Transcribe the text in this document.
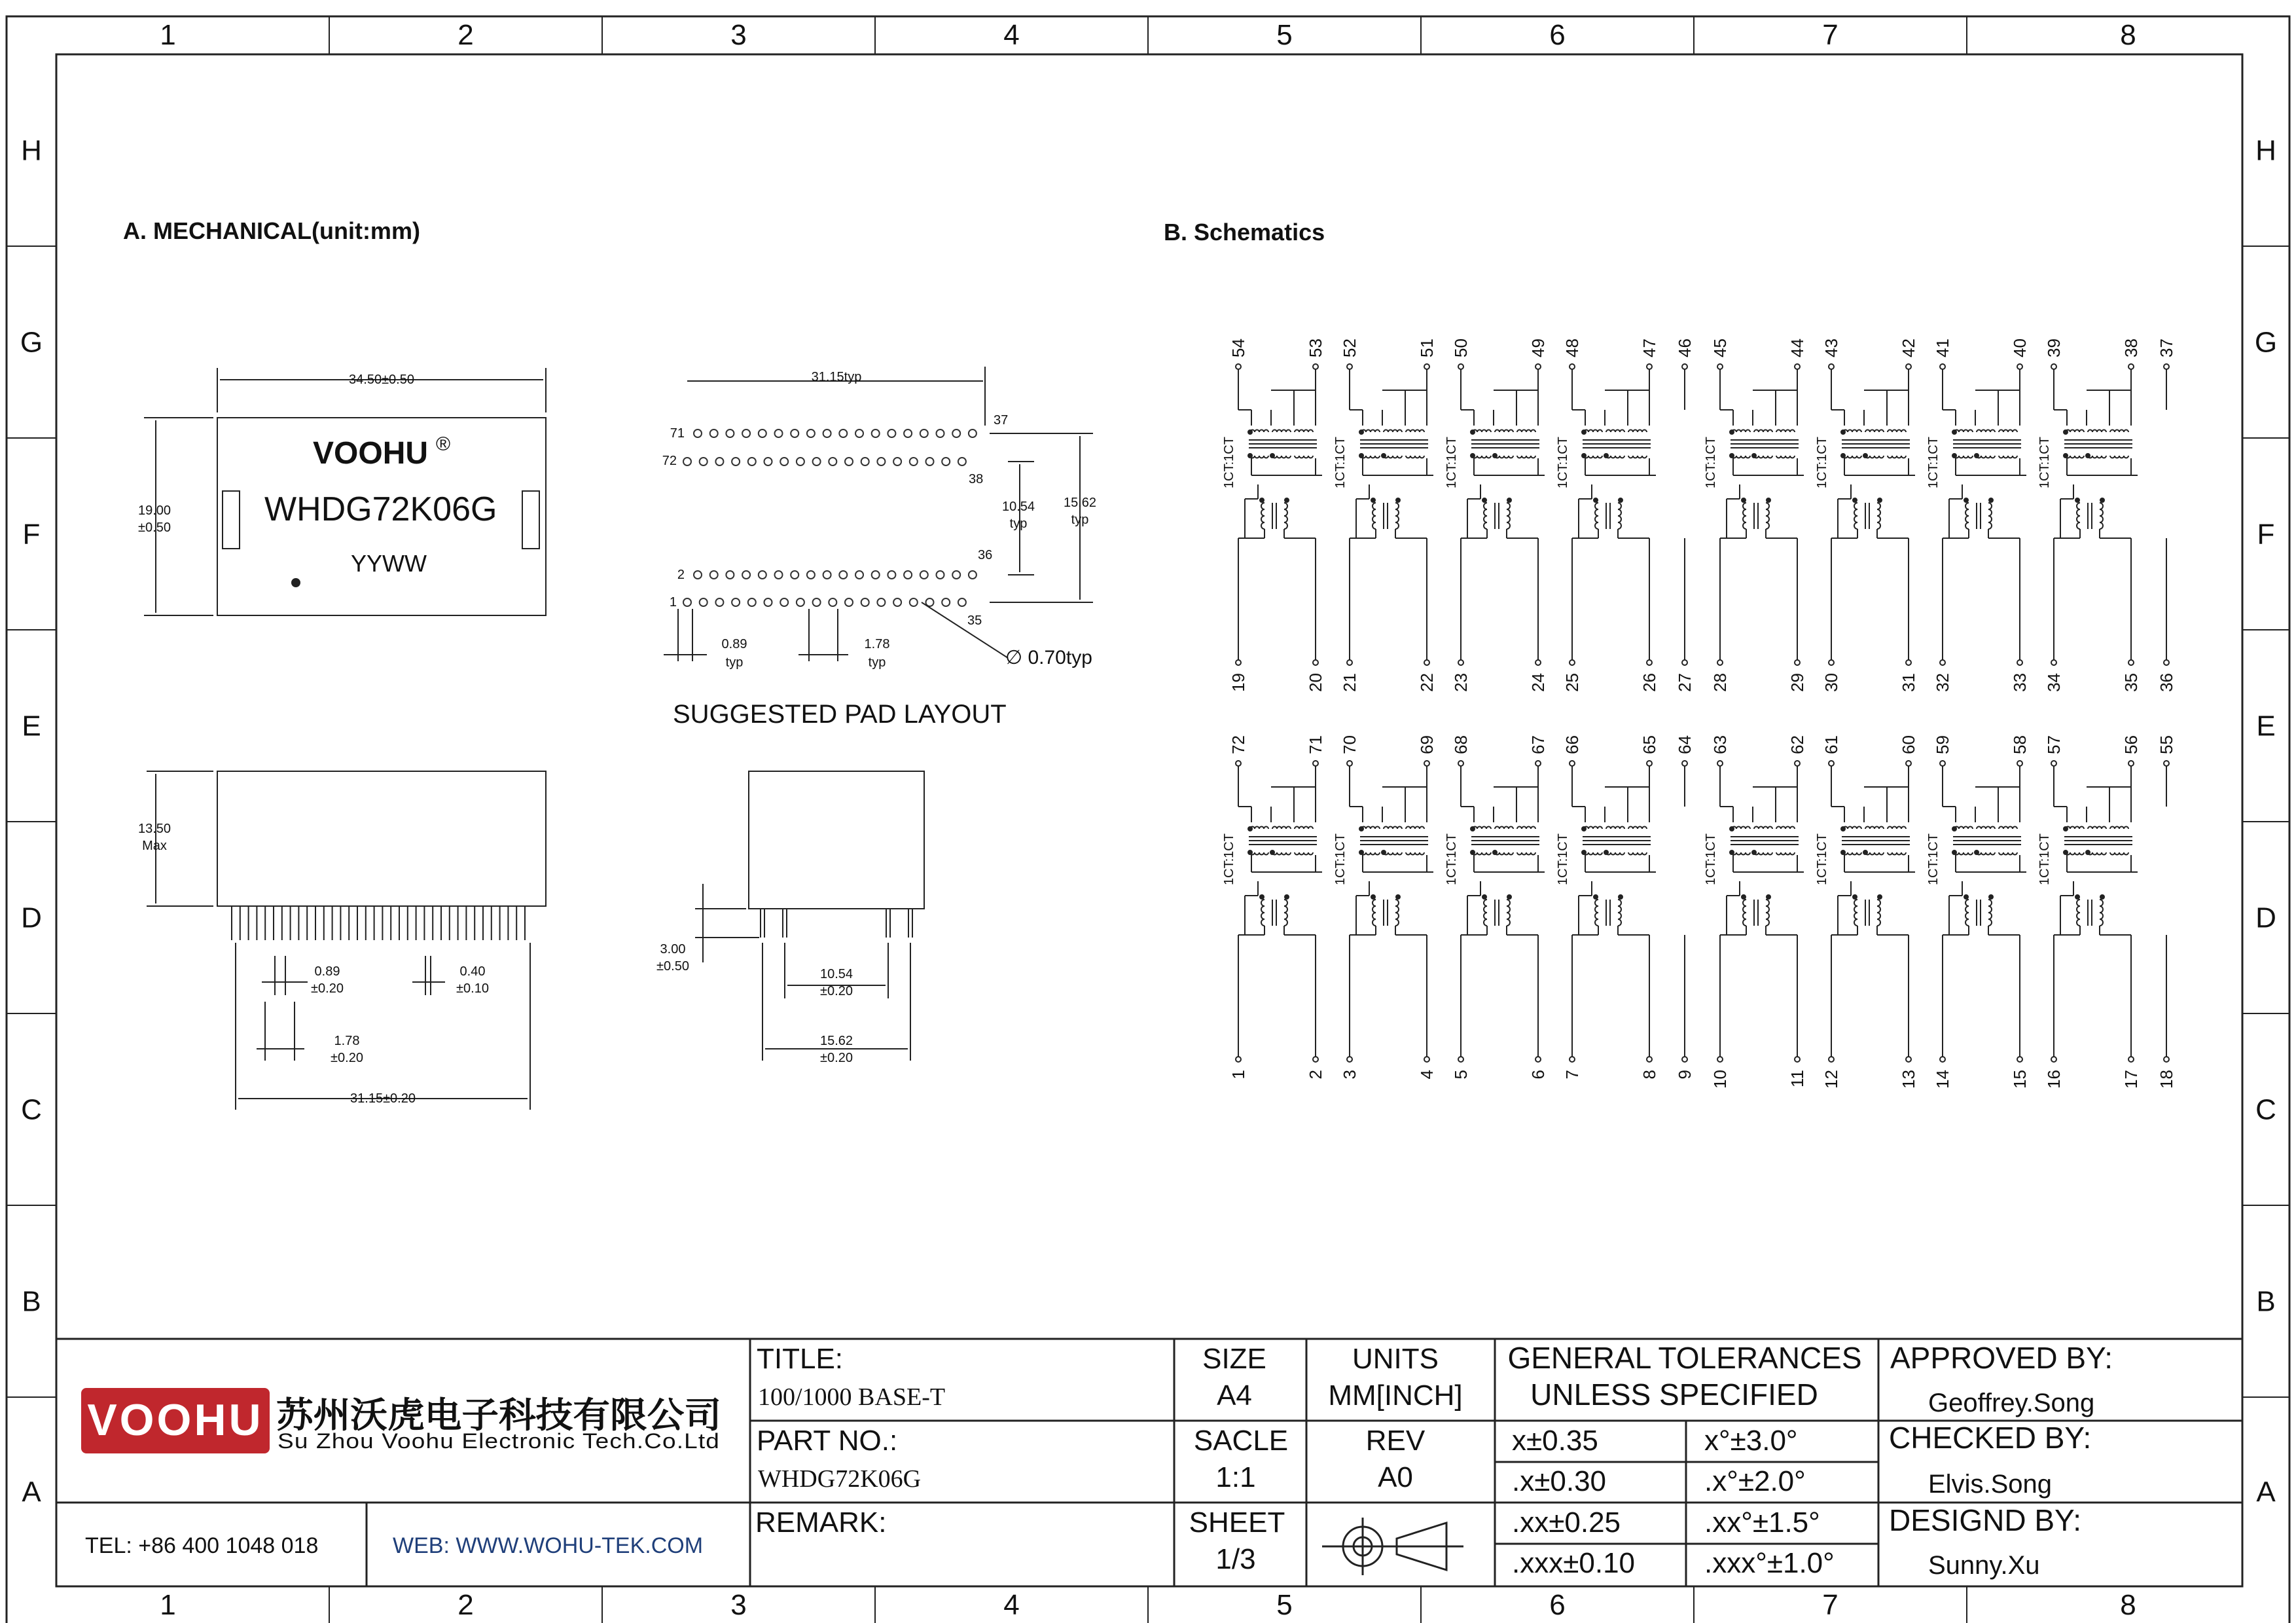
1
1
2
2
3
3
4
4
5
5
6
6
7
7
8
8
H	H
G	G
F	F
E	E
D	D
C	C
B	B
A	A
A. MECHANICAL(unit:mm)
VOOHU ®
WHDG72K06G
YYWW
34.50±0.50
19.00
±0.50
31.15typ
71
72
37
38
2
1
36
35
10.54
typ
15.62
typ
0.89
typ
1.78
typ	∅ 0.70typ
SUGGESTED PAD LAYOUT
13.50
Max
0.89
±0.20
0.40
±0.10
1.78
±0.20
31.15±0.20
3.00
±0.50
10.54
±0.20
15.62
±0.20
B. Schematics
54
19
53
20
52
21
51
22
50
23
49
24
48
25
47
26
46
27
1CT:1CT	1CT:1CT	1CT:1CT	1CT:1CT
45
28
44
29
43
30
42
31
41
32
40
33
39
34
38
35
37
36
1CT:1CT	1CT:1CT	1CT:1CT	1CT:1CT
72
1
71
2
70
3
69
4
68
5
67
6
66
7
65
8
64
9
1CT:1CT	1CT:1CT	1CT:1CT	1CT:1CT
63
10
62
11
61
12
60
13
59
14
58
15
57
16
56
17
55
18
1CT:1CT	1CT:1CT	1CT:1CT	1CT:1CT
VOOHU 苏州沃虎电子科技有限公司
Su Zhou Voohu Electronic Tech.Co.Ltd
TEL: +86 400 1048 018	WEB: WWW.WOHU-TEK.COM
TITLE:
100/1000 BASE-T
PART NO.:
WHDG72K06G
REMARK:
SIZE
A4
UNITS
MM[INCH]
SACLE
1:1
REV
A0
SHEET
1/3
GENERAL TOLERANCES
UNLESS SPECIFIED
x±0.35	x°±3.0°
.x±0.30	.x°±2.0°
.xx±0.25	.xx°±1.5°
.xxx±0.10 .xxx°±1.0°
APPROVED BY:
Geoffrey.Song
CHECKED BY:
Elvis.Song
DESIGND BY:
Sunny.Xu
